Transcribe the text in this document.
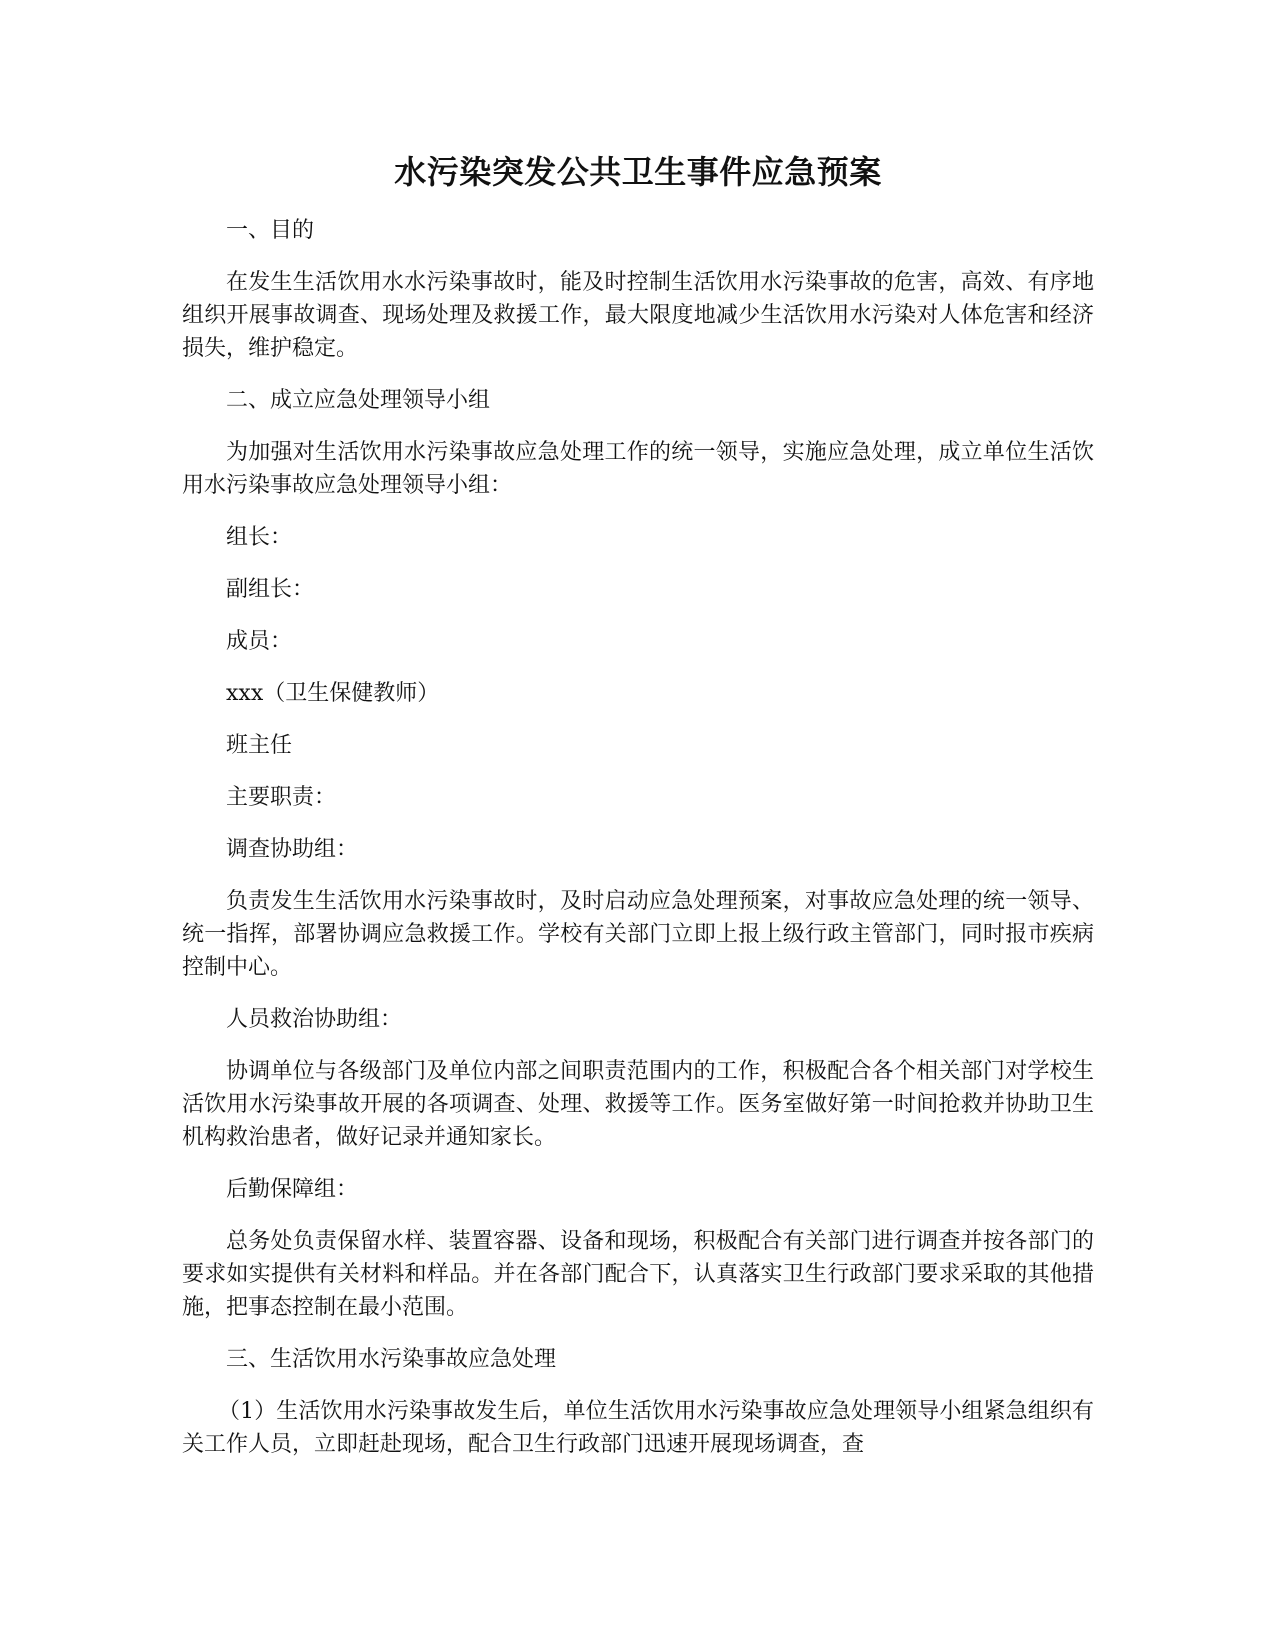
水污染突发公共卫生事件应急预案

一、目的

在发生生活饮用水水污染事故时，能及时控制生活饮用水污染事故的危害，高效、有序地组织开展事故调查、现场处理及救援工作，最大限度地减少生活饮用水污染对人体危害和经济损失，维护稳定。

二、成立应急处理领导小组

为加强对生活饮用水污染事故应急处理工作的统一领导，实施应急处理，成立单位生活饮用水污染事故应急处理领导小组：

组长：

副组长：

成员：

xxx（卫生保健教师）

班主任

主要职责：

调查协助组：

负责发生生活饮用水污染事故时，及时启动应急处理预案，对事故应急处理的统一领导、统一指挥，部署协调应急救援工作。学校有关部门立即上报上级行政主管部门，同时报市疾病控制中心。

人员救治协助组：

协调单位与各级部门及单位内部之间职责范围内的工作，积极配合各个相关部门对学校生活饮用水污染事故开展的各项调查、处理、救援等工作。医务室做好第一时间抢救并协助卫生机构救治患者，做好记录并通知家长。

后勤保障组：

总务处负责保留水样、装置容器、设备和现场，积极配合有关部门进行调查并按各部门的要求如实提供有关材料和样品。并在各部门配合下，认真落实卫生行政部门要求采取的其他措施，把事态控制在最小范围。

三、生活饮用水污染事故应急处理

（1）生活饮用水污染事故发生后，单位生活饮用水污染事故应急处理领导小组紧急组织有关工作人员，立即赶赴现场，配合卫生行政部门迅速开展现场调查，查
